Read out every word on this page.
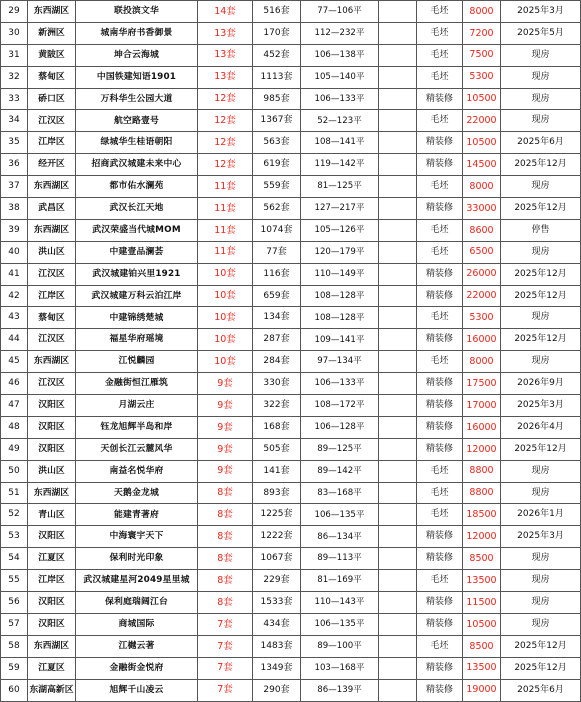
29	东西湖区	联投滨文华	14套	516套	77—106平		毛坯	8000	2025年3月
30	新洲区	城南华府书香御景	13套	170套	112—232平		毛坯	7200	2025年5月
31	黄陂区	坤合云海城	13套	452套	106—138平		毛坯	7500	现房
32	蔡甸区	中国铁建知语1901	13套	1113套	105—140平		毛坯	5300	现房
33	硚口区	万科华生公园大道	12套	985套	106—133平		精装修	10500	现房
34	江汉区	航空路壹号	12套	1367套	52—123平		毛坯	22000	现房
35	江岸区	绿城华生桂语朝阳	12套	563套	108—141平		精装修	10500	2025年6月
36	经开区	招商武汉城建未来中心	12套	619套	119—142平		精装修	14500	2025年12月
37	东西湖区	都市佑水澜苑	11套	559套	81—125平		毛坯	8000	现房
38	武昌区	武汉长江天地	11套	562套	127—217平		精装修	33000	2025年12月
39	东西湖区	武汉荣盛当代城MOM	11套	1074套	105—126平		毛坯	8600	停售
40	洪山区	中建壹品澜荟	11套	77套	120—179平		毛坯	6500	现房
41	江汉区	武汉城建铂兴里1921	10套	116套	110—149平		精装修	26000	2025年12月
42	江岸区	武汉城建万科云泊江岸	10套	659套	108—128平		精装修	22000	2025年12月
43	蔡甸区	中建锦绣楚城	10套	134套	108—128平		毛坯	5300	现房
44	江汉区	福星华府瑶境	10套	287套	109—141平		精装修	16000	2025年12月
45	东西湖区	江悦麟园	10套	284套	97—134平		毛坯	8000	现房
46	江汉区	金融街恒江雁筑	9套	330套	106—133平		精装修	17500	2026年9月
47	汉阳区	月湖云庄	9套	322套	108—172平		精装修	17000	2025年3月
48	汉阳区	钰龙旭辉半岛和岸	9套	168套	106—128平		精装修	16000	2026年4月
49	汉阳区	天创长江云麓风华	9套	505套	89—125平		精装修	12000	2025年12月
50	洪山区	南益名悦华府	9套	141套	89—142平		毛坯	8800	现房
51	东西湖区	天鹅金龙城	8套	893套	83—168平		毛坯	8800	现房
52	青山区	能建青著府	8套	1225套	106—135平		毛坯	18500	2026年1月
53	汉阳区	中海寰宇天下	8套	1222套	86—134平		精装修	12000	2025年3月
54	江夏区	保利时光印象	8套	1067套	89—113平		精装修	8500	现房
55	江岸区	武汉城建星河2049星里城	8套	229套	81—169平		毛坯	13500	现房
56	汉阳区	保利庭瑞阔江台	8套	1533套	110—143平		精装修	11500	现房
57	汉阳区	商城国际	7套	434套	106—135平		精装修	10500	现房
58	东西湖区	江樾云著	7套	1483套	89—100平		毛坯	8500	2025年12月
59	江夏区	金融街金悦府	7套	1349套	103—168平		精装修	13500	2025年12月
60	东湖高新区	旭辉千山凌云	7套	290套	86—139平		精装修	19000	2025年6月
